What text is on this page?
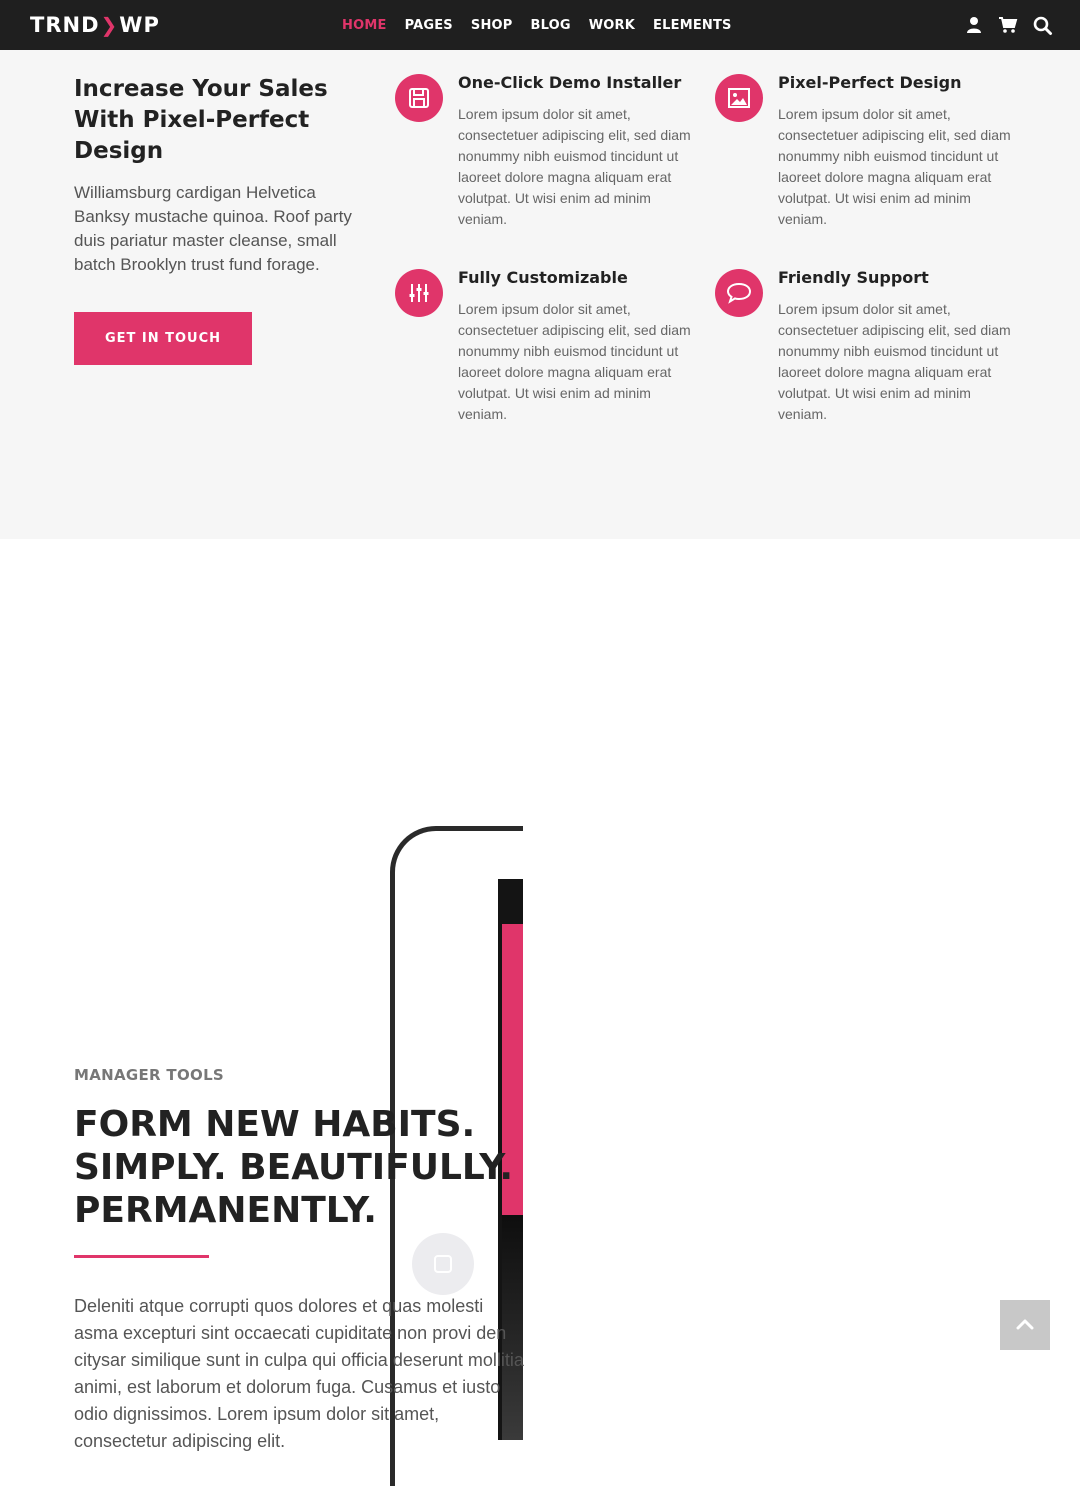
TRND ❯ WP	HOME PAGES SHOP BLOG WORK ELEMENTS
Increase Your Sales With Pixel-Perfect Design

Williamsburg cardigan Helvetica Banksy mustache quinoa. Roof party duis pariatur master cleanse, small batch Brooklyn trust fund forage.

GET IN TOUCH
One-Click Demo Installer

Lorem ipsum dolor sit amet, consectetuer adipiscing elit, sed diam nonummy nibh euismod tincidunt ut laoreet dolore magna aliquam erat volutpat. Ut wisi enim ad minim veniam.

Pixel-Perfect Design

Lorem ipsum dolor sit amet, consectetuer adipiscing elit, sed diam nonummy nibh euismod tincidunt ut laoreet dolore magna aliquam erat volutpat. Ut wisi enim ad minim veniam.

Fully Customizable

Lorem ipsum dolor sit amet, consectetuer adipiscing elit, sed diam nonummy nibh euismod tincidunt ut laoreet dolore magna aliquam erat volutpat. Ut wisi enim ad minim veniam.

Friendly Support

Lorem ipsum dolor sit amet, consectetuer adipiscing elit, sed diam nonummy nibh euismod tincidunt ut laoreet dolore magna aliquam erat volutpat. Ut wisi enim ad minim veniam.

MANAGER TOOLS
FORM NEW HABITS.
SIMPLY. BEAUTIFULLY.
PERMANENTLY.

Deleniti atque corrupti quos dolores et quas molesti asma excepturi sint occaecati cupiditate non provi den citysar similique sunt in culpa qui officia deserunt mollitia animi, est laborum et dolorum fuga. Cusamus et iusto odio dignissimos. Lorem ipsum dolor sit amet, consectetur adipiscing elit.
